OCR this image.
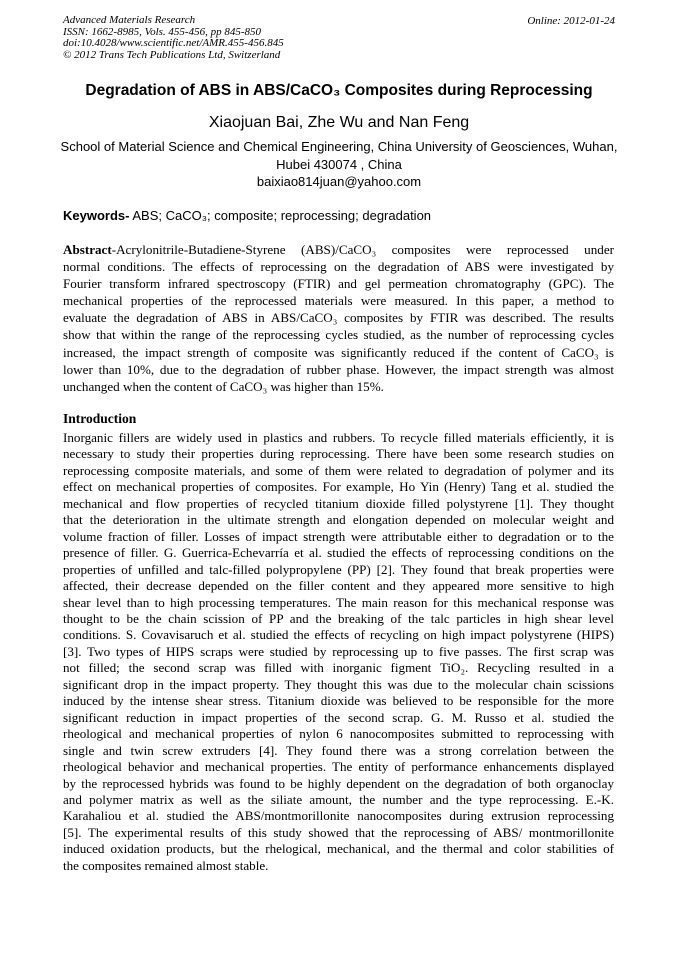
Advanced Materials Research
ISSN: 1662-8985, Vols. 455-456, pp 845-850
doi:10.4028/www.scientific.net/AMR.455-456.845
© 2012 Trans Tech Publications Ltd, Switzerland
Online: 2012-01-24
Degradation of ABS in ABS/CaCO₃ Composites during Reprocessing
Xiaojuan Bai, Zhe Wu and Nan Feng
School of Material Science and Chemical Engineering, China University of Geosciences, Wuhan,
Hubei 430074 , China
baixiao814juan@yahoo.com
Keywords- ABS; CaCO₃; composite; reprocessing; degradation
Abstract-Acrylonitrile-Butadiene-Styrene (ABS)/CaCO₃ composites were reprocessed under
normal conditions. The effects of reprocessing on the degradation of ABS were investigated by
Fourier transform infrared spectroscopy (FTIR) and gel permeation chromatography (GPC). The
mechanical properties of the reprocessed materials were measured. In this paper, a method to
evaluate the degradation of ABS in ABS/CaCO₃ composites by FTIR was described. The results
show that within the range of the reprocessing cycles studied, as the number of reprocessing cycles
increased, the impact strength of composite was significantly reduced if the content of CaCO₃ is
lower than 10%, due to the degradation of rubber phase. However, the impact strength was almost
unchanged when the content of CaCO₃ was higher than 15%.
Introduction
Inorganic fillers are widely used in plastics and rubbers. To recycle filled materials efficiently, it is
necessary to study their properties during reprocessing. There have been some research studies on
reprocessing composite materials, and some of them were related to degradation of polymer and its
effect on mechanical properties of composites. For example, Ho Yin (Henry) Tang et al. studied the
mechanical and flow properties of recycled titanium dioxide filled polystyrene [1]. They thought
that the deterioration in the ultimate strength and elongation depended on molecular weight and
volume fraction of filler. Losses of impact strength were attributable either to degradation or to the
presence of filler. G. Guerrica-Echevarría et al. studied the effects of reprocessing conditions on the
properties of unfilled and talc-filled polypropylene (PP) [2]. They found that break properties were
affected, their decrease depended on the filler content and they appeared more sensitive to high
shear level than to high processing temperatures. The main reason for this mechanical response was
thought to be the chain scission of PP and the breaking of the talc particles in high shear level
conditions. S. Covavisaruch et al. studied the effects of recycling on high impact polystyrene (HIPS)
[3]. Two types of HIPS scraps were studied by reprocessing up to five passes. The first scrap was
not filled; the second scrap was filled with inorganic figment TiO₂. Recycling resulted in a
significant drop in the impact property. They thought this was due to the molecular chain scissions
induced by the intense shear stress. Titanium dioxide was believed to be responsible for the more
significant reduction in impact properties of the second scrap. G. M. Russo et al. studied the
rheological and mechanical properties of nylon 6 nanocomposites submitted to reprocessing with
single and twin screw extruders [4]. They found there was a strong correlation between the
rheological behavior and mechanical properties. The entity of performance enhancements displayed
by the reprocessed hybrids was found to be highly dependent on the degradation of both organoclay
and polymer matrix as well as the siliate amount, the number and the type reprocessing. E.-K.
Karahaliou et al. studied the ABS/montmorillonite nanocomposites during extrusion reprocessing
[5]. The experimental results of this study showed that the reprocessing of ABS/ montmorillonite
induced oxidation products, but the rhelogical, mechanical, and the thermal and color stabilities of
the composites remained almost stable.
